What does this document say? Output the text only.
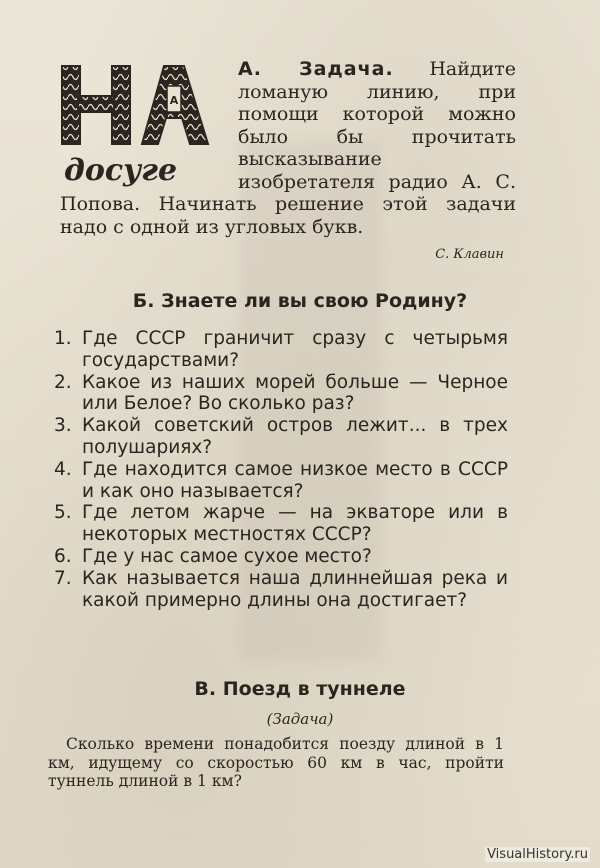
А
досуге
А. Задача. Найдите ломаную линию, при помощи которой можно было бы прочитать высказывание изобретателя радио А. С. Попова. Начинать решение этой задачи надо с одной из угловых букв.
С. Клавин
Б. Знаете ли вы свою Родину?
1. Где СССР граничит сразу с четырьмя государствами?
2. Какое из наших морей больше — Черное или Белое? Во сколько раз?
3. Какой советский остров лежит... в трех полушариях?
4. Где находится самое низкое место в СССР и как оно называется?
5. Где летом жарче — на экваторе или в некоторых местностях СССР?
6. Где у нас самое сухое место?
7. Как называется наша длиннейшая река и какой примерно длины она достигает?
В. Поезд в туннеле
(Задача)
Сколько времени понадобится поезду длиной в 1 км, идущему со скоростью 60 км в час, пройти туннель длиной в 1 км?
VisualHistory.ru
